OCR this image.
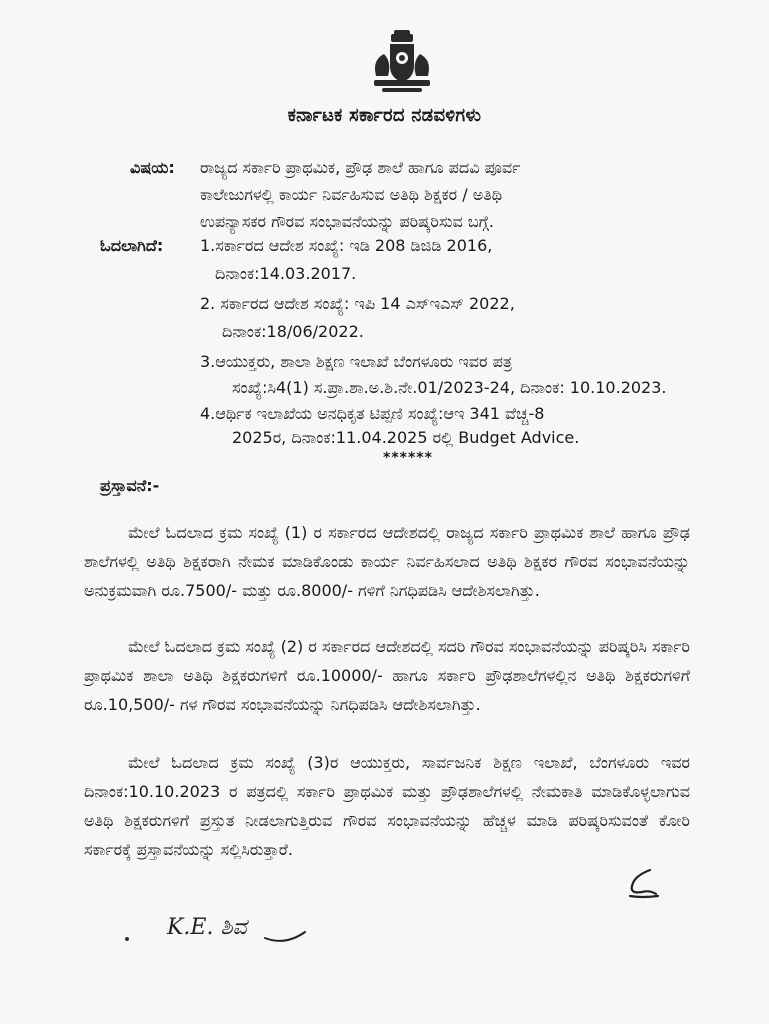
ಕರ್ನಾಟಕ ಸರ್ಕಾರದ ನಡವಳಿಗಳು
ವಿಷಯ: ರಾಜ್ಯದ ಸರ್ಕಾರಿ ಪ್ರಾಥಮಿಕ, ಪ್ರೌಢ ಶಾಲೆ ಹಾಗೂ ಪದವಿ ಪೂರ್ವ
ಕಾಲೇಜುಗಳಲ್ಲಿ ಕಾರ್ಯ ನಿರ್ವಹಿಸುವ ಅತಿಥಿ ಶಿಕ್ಷಕರ / ಅತಿಥಿ
ಉಪನ್ಯಾಸಕರ ಗೌರವ ಸಂಭಾವನೆಯನ್ನು ಪರಿಷ್ಕರಿಸುವ ಬಗ್ಗೆ.
ಓದಲಾಗಿದೆ: 1.ಸರ್ಕಾರದ ಆದೇಶ ಸಂಖ್ಯೆ: ಇಡಿ 208 ಡಿಜಿಡಿ 2016,
ದಿನಾಂಕ:14.03.2017.
2. ಸರ್ಕಾರದ ಆದೇಶ ಸಂಖ್ಯೆ: ಇಪಿ 14 ಎಸ್‌ಇಎಸ್ 2022,
ದಿನಾಂಕ:18/06/2022.
3.ಆಯುಕ್ತರು, ಶಾಲಾ ಶಿಕ್ಷಣ ಇಲಾಖೆ ಬೆಂಗಳೂರು ಇವರ ಪತ್ರ
ಸಂಖ್ಯೆ:ಸಿ4(1) ಸ.ಪ್ರಾ.ಶಾ.ಅ.ಶಿ.ನೇ.01/2023-24, ದಿನಾಂಕ: 10.10.2023.
4.ಆರ್ಥಿಕ ಇಲಾಖೆಯ ಅನಧಿಕೃತ ಟಿಪ್ಪಣಿ ಸಂಖ್ಯೆ:ಆಇ 341 ವೆಚ್ಚ-8
2025ರ, ದಿನಾಂಕ:11.04.2025 ರಲ್ಲಿ Budget Advice.
******
ಪ್ರಸ್ತಾವನೆ:-
ಮೇಲೆ ಓದಲಾದ ಕ್ರಮ ಸಂಖ್ಯೆ (1) ರ ಸರ್ಕಾರದ ಆದೇಶದಲ್ಲಿ ರಾಜ್ಯದ ಸರ್ಕಾರಿ ಪ್ರಾಥಮಿಕ ಶಾಲೆ ಹಾಗೂ ಪ್ರೌಢ ಶಾಲೆಗಳಲ್ಲಿ ಅತಿಥಿ ಶಿಕ್ಷಕರಾಗಿ ನೇಮಕ ಮಾಡಿಕೊಂಡು ಕಾರ್ಯ ನಿರ್ವಹಿಸಲಾದ ಅತಿಥಿ ಶಿಕ್ಷಕರ ಗೌರವ ಸಂಭಾವನೆಯನ್ನು ಅನುಕ್ರಮವಾಗಿ ರೂ.7500/- ಮತ್ತು ರೂ.8000/- ಗಳಿಗೆ ನಿಗಧಿಪಡಿಸಿ ಆದೇಶಿಸಲಾಗಿತ್ತು.
ಮೇಲೆ ಓದಲಾದ ಕ್ರಮ ಸಂಖ್ಯೆ (2) ರ ಸರ್ಕಾರದ ಆದೇಶದಲ್ಲಿ ಸದರಿ ಗೌರವ ಸಂಭಾವನೆಯನ್ನು ಪರಿಷ್ಕರಿಸಿ ಸರ್ಕಾರಿ ಪ್ರಾಥಮಿಕ ಶಾಲಾ ಅತಿಥಿ ಶಿಕ್ಷಕರುಗಳಿಗೆ ರೂ.10000/- ಹಾಗೂ ಸರ್ಕಾರಿ ಪ್ರೌಢಶಾಲೆಗಳಲ್ಲಿನ ಅತಿಥಿ ಶಿಕ್ಷಕರುಗಳಿಗೆ ರೂ.10,500/- ಗಳ ಗೌರವ ಸಂಭಾವನೆಯನ್ನು ನಿಗಧಿಪಡಿಸಿ ಆದೇಶಿಸಲಾಗಿತ್ತು.
ಮೇಲೆ ಓದಲಾದ ಕ್ರಮ ಸಂಖ್ಯೆ (3)ರ ಆಯುಕ್ತರು, ಸಾರ್ವಜನಿಕ ಶಿಕ್ಷಣ ಇಲಾಖೆ, ಬೆಂಗಳೂರು ಇವರ ದಿನಾಂಕ:10.10.2023 ರ ಪತ್ರದಲ್ಲಿ ಸರ್ಕಾರಿ ಪ್ರಾಥಮಿಕ ಮತ್ತು ಪ್ರೌಢಶಾಲೆಗಳಲ್ಲಿ ನೇಮಕಾತಿ ಮಾಡಿಕೊಳ್ಳಲಾಗುವ ಅತಿಥಿ ಶಿಕ್ಷಕರುಗಳಿಗೆ ಪ್ರಸ್ತುತ ನೀಡಲಾಗುತ್ತಿರುವ ಗೌರವ ಸಂಭಾವನೆಯನ್ನು ಹೆಚ್ಚಳ ಮಾಡಿ ಪರಿಷ್ಕರಿಸುವಂತೆ ಕೋರಿ ಸರ್ಕಾರಕ್ಕೆ ಪ್ರಸ್ತಾವನೆಯನ್ನು ಸಲ್ಲಿಸಿರುತ್ತಾರೆ.
K.E. ಶಿವ
